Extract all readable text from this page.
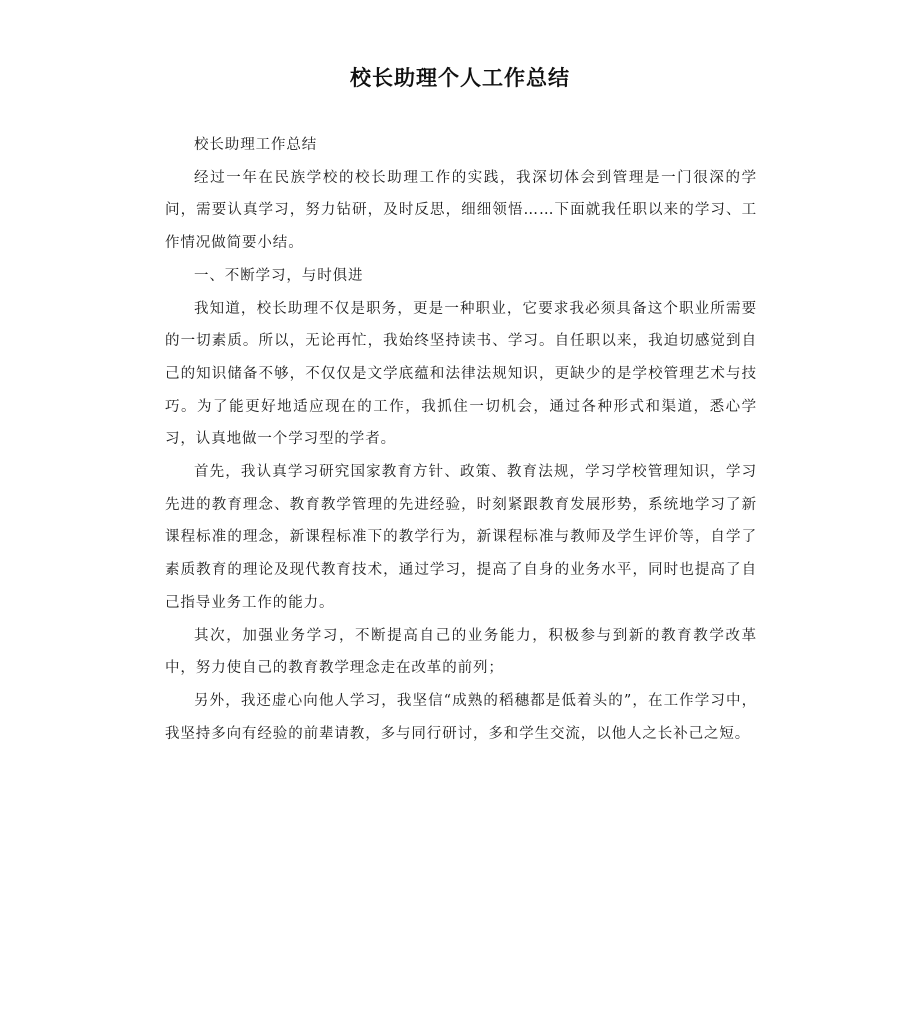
校长助理个人工作总结

校长助理工作总结

经过一年在民族学校的校长助理工作的实践，我深切体会到管理是一门很深的学问，需要认真学习，努力钻研，及时反思，细细领悟……下面就我任职以来的学习、工作情况做简要小结。

一、不断学习，与时俱进

我知道，校长助理不仅是职务，更是一种职业，它要求我必须具备这个职业所需要的一切素质。所以，无论再忙，我始终坚持读书、学习。自任职以来，我迫切感觉到自己的知识储备不够，不仅仅是文学底蕴和法律法规知识，更缺少的是学校管理艺术与技巧。为了能更好地适应现在的工作，我抓住一切机会，通过各种形式和渠道，悉心学习，认真地做一个学习型的学者。

首先，我认真学习研究国家教育方针、政策、教育法规，学习学校管理知识，学习先进的教育理念、教育教学管理的先进经验，时刻紧跟教育发展形势，系统地学习了新课程标准的理念，新课程标准下的教学行为，新课程标准与教师及学生评价等，自学了素质教育的理论及现代教育技术，通过学习，提高了自身的业务水平，同时也提高了自己指导业务工作的能力。

其次，加强业务学习，不断提高自己的业务能力，积极参与到新的教育教学改革中，努力使自己的教育教学理念走在改革的前列；

另外，我还虚心向他人学习，我坚信“成熟的稻穗都是低着头的”，在工作学习中，我坚持多向有经验的前辈请教，多与同行研讨，多和学生交流，以他人之长补己之短。
